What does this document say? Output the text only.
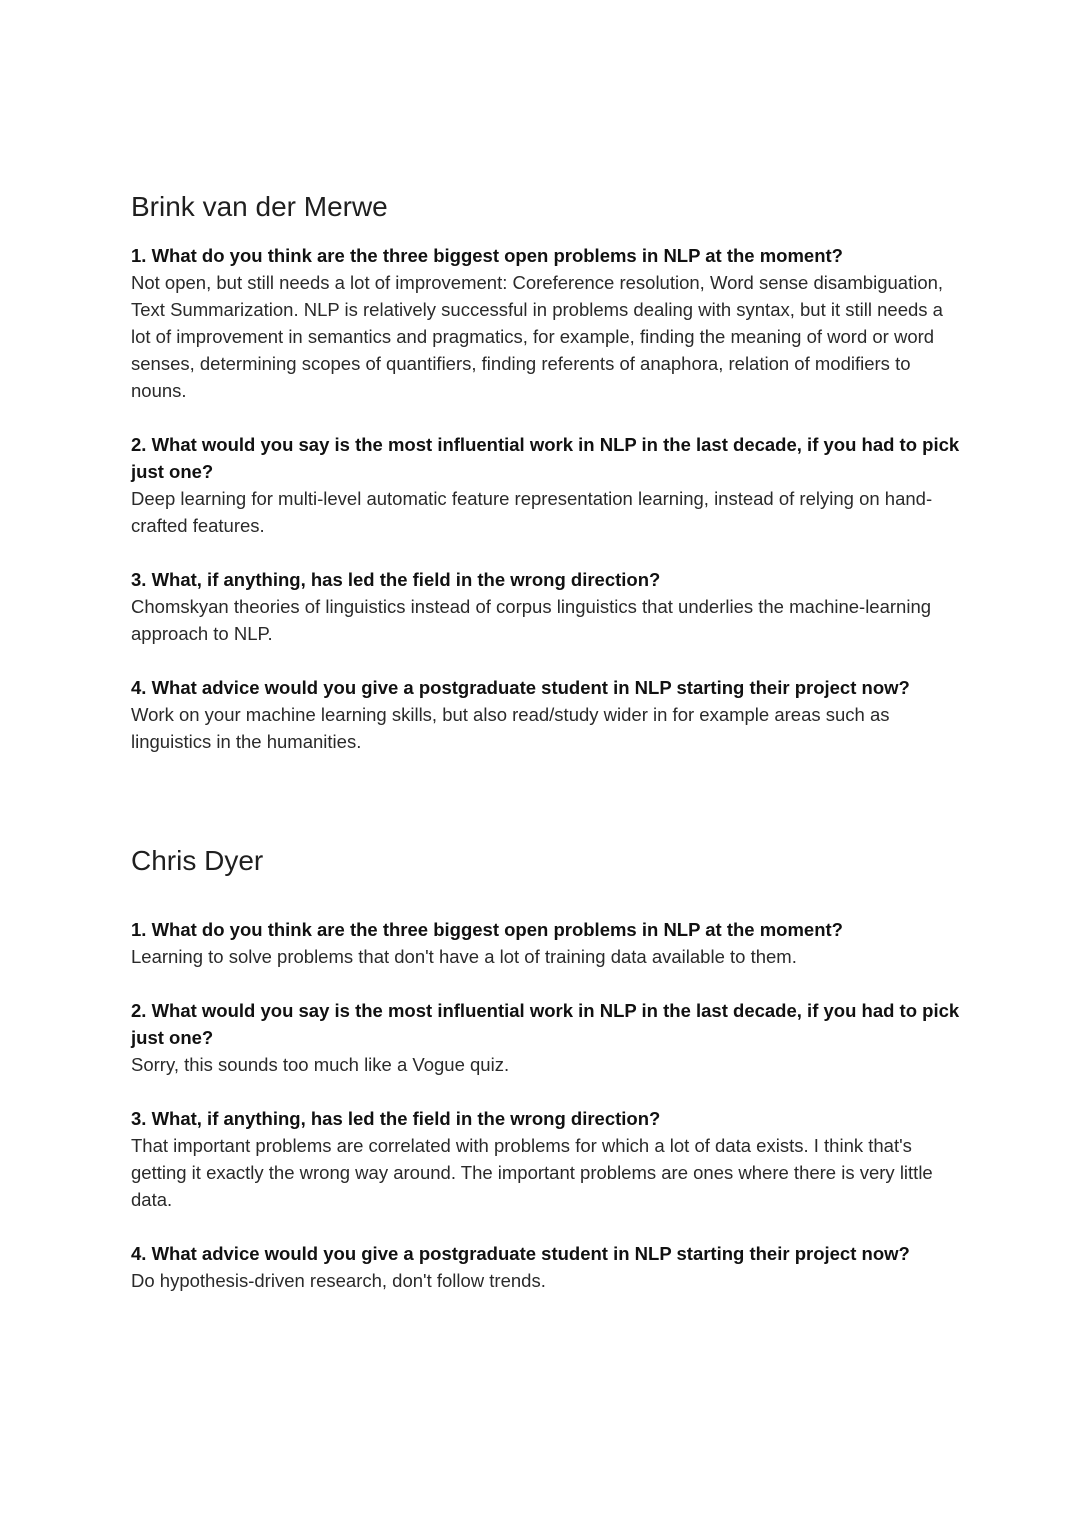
Brink van der Merwe

1. What do you think are the three biggest open problems in NLP at the moment?

Not open, but still needs a lot of improvement: Coreference resolution, Word sense disambiguation, Text Summarization. NLP is relatively successful in problems dealing with syntax, but it still needs a lot of improvement in semantics and pragmatics, for example, finding the meaning of word or word senses, determining scopes of quantifiers, finding referents of anaphora, relation of modifiers to nouns.

2. What would you say is the most influential work in NLP in the last decade, if you had to pick just one?

Deep learning for multi-level automatic feature representation learning, instead of relying on hand-crafted features.

3. What, if anything, has led the field in the wrong direction?

Chomskyan theories of linguistics instead of corpus linguistics that underlies the machine-learning approach to NLP.

4. What advice would you give a postgraduate student in NLP starting their project now?

Work on your machine learning skills, but also read/study wider in for example areas such as linguistics in the humanities.

Chris Dyer

1. What do you think are the three biggest open problems in NLP at the moment?

Learning to solve problems that don't have a lot of training data available to them.

2. What would you say is the most influential work in NLP in the last decade, if you had to pick just one?

Sorry, this sounds too much like a Vogue quiz.

3. What, if anything, has led the field in the wrong direction?

That important problems are correlated with problems for which a lot of data exists. I think that's getting it exactly the wrong way around. The important problems are ones where there is very little data.

4. What advice would you give a postgraduate student in NLP starting their project now?

Do hypothesis-driven research, don't follow trends.
